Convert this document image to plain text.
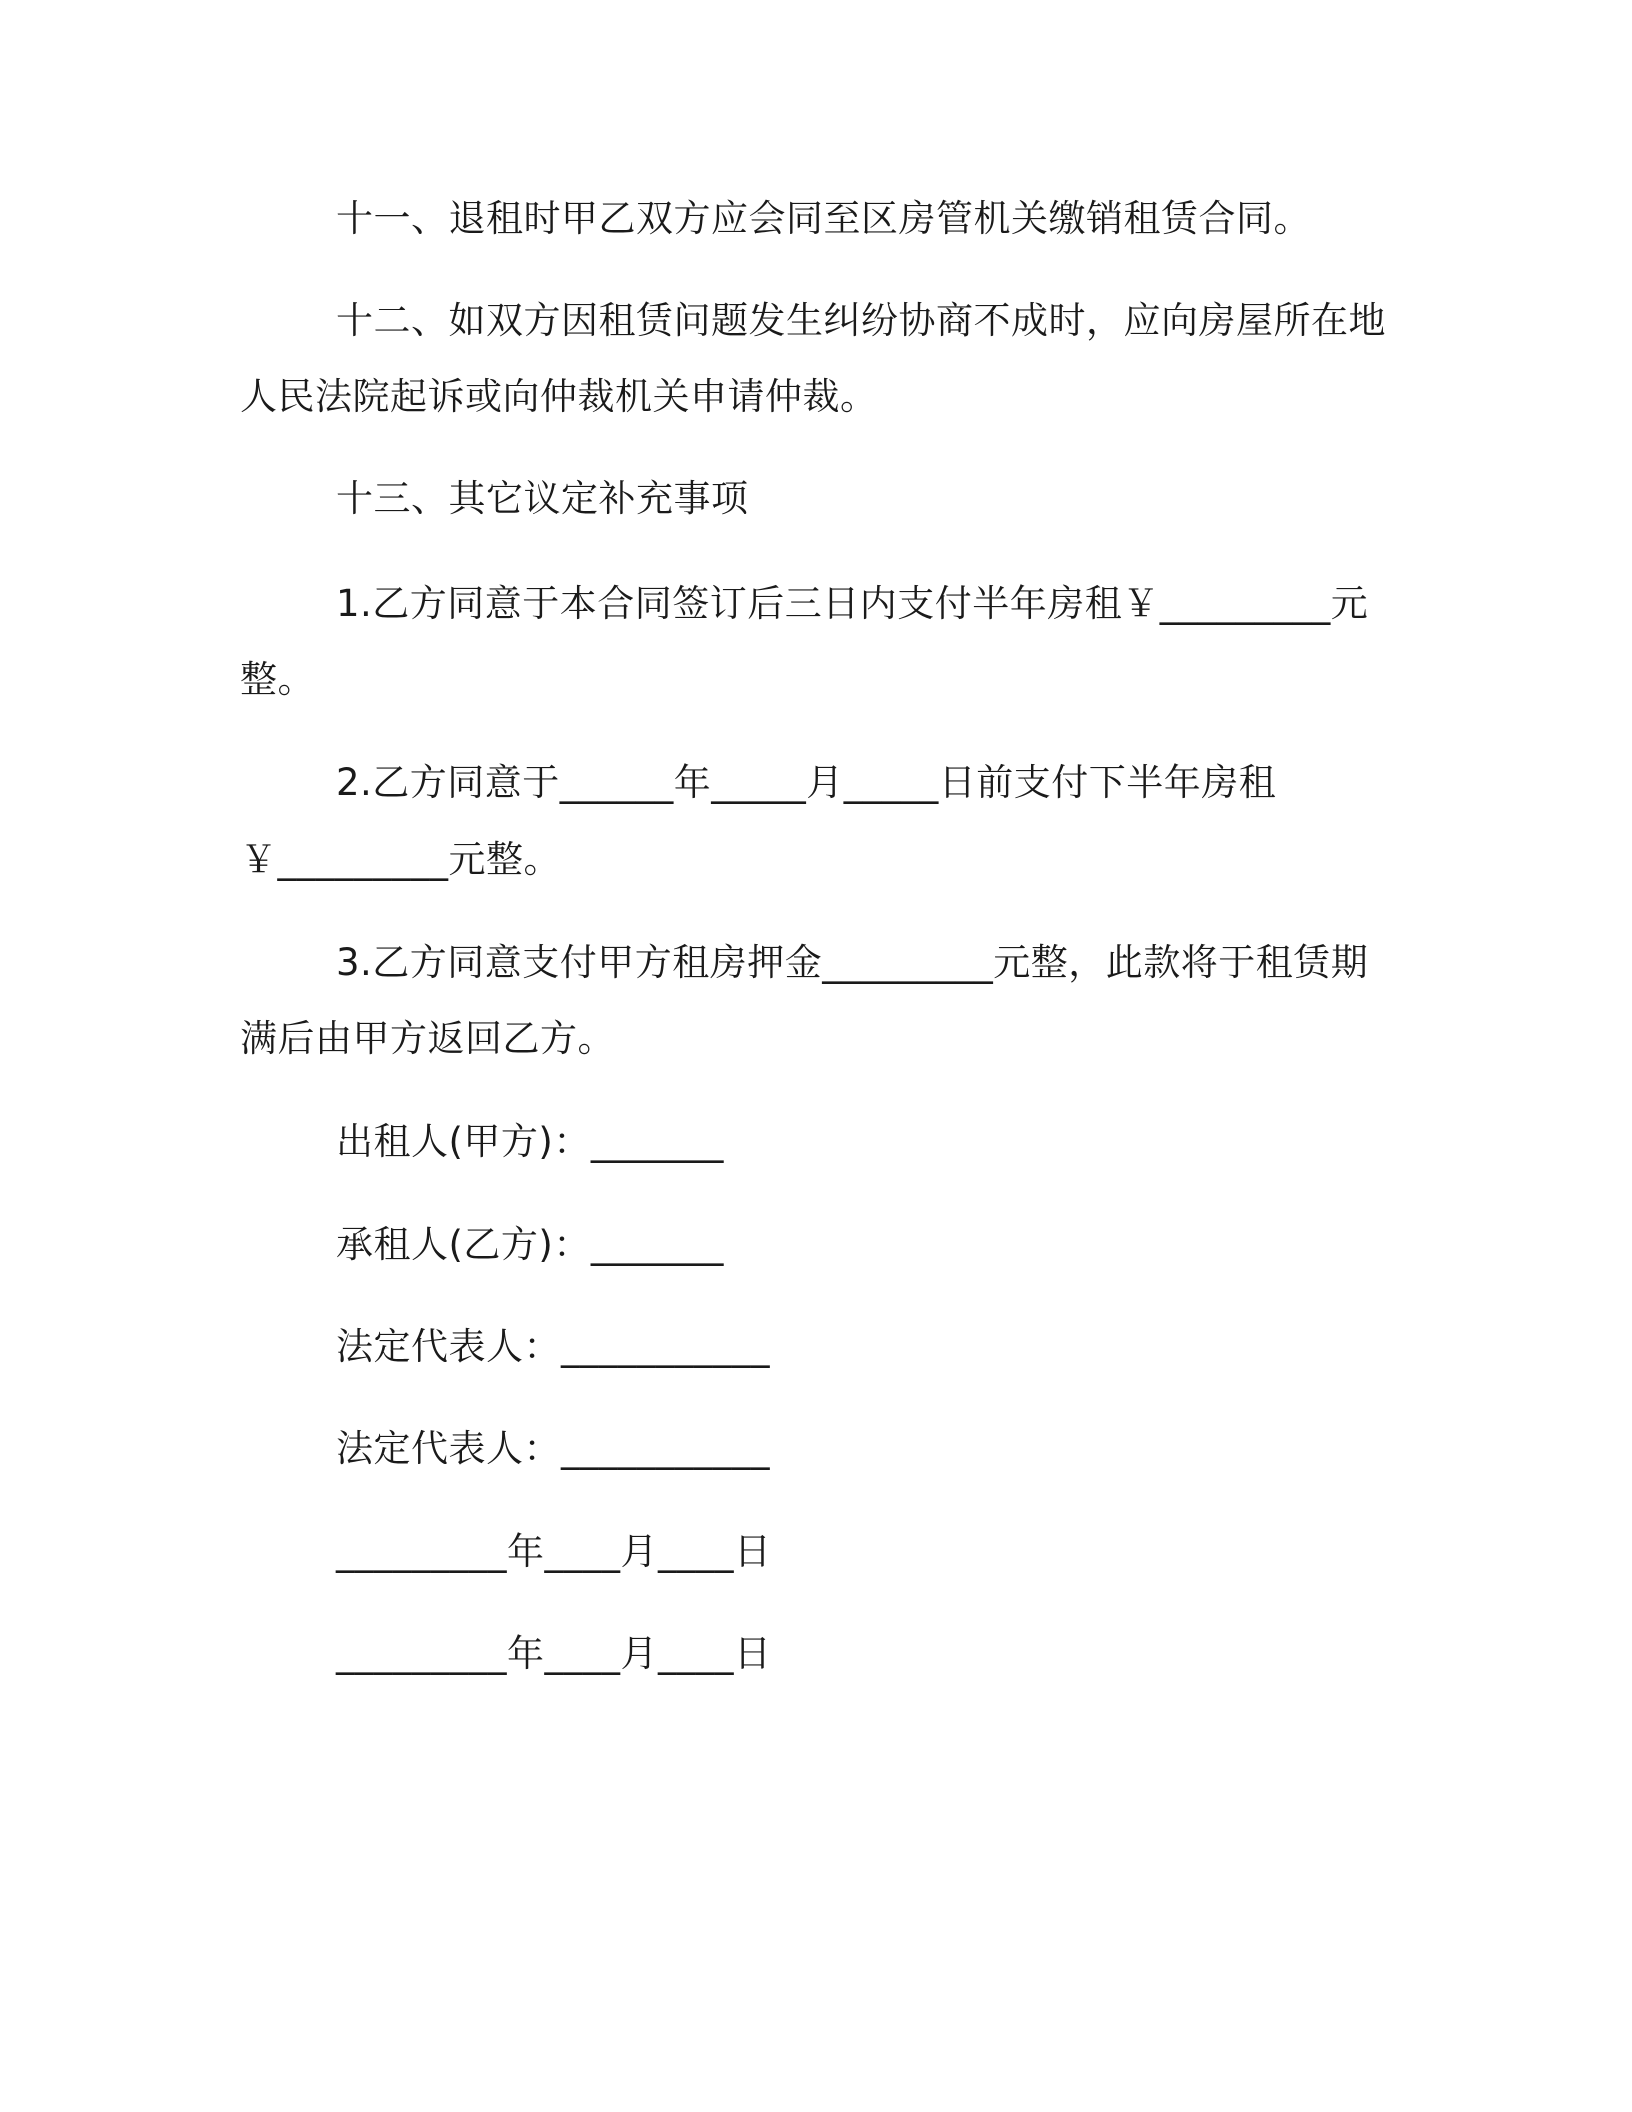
十一、退租时甲乙双方应会同至区房管机关缴销租赁合同。
十二、如双方因租赁问题发生纠纷协商不成时，应向房屋所在地
人民法院起诉或向仲裁机关申请仲裁。
十三、其它议定补充事项
1.乙方同意于本合同签订后三日内支付半年房租￥_________元
整。
2.乙方同意于______年_____月_____日前支付下半年房租
￥_________元整。
3.乙方同意支付甲方租房押金_________元整，此款将于租赁期
满后由甲方返回乙方。
出租人(甲方)：_______
承租人(乙方)：_______
法定代表人：___________
法定代表人：___________
_________年____月____日
_________年____月____日
